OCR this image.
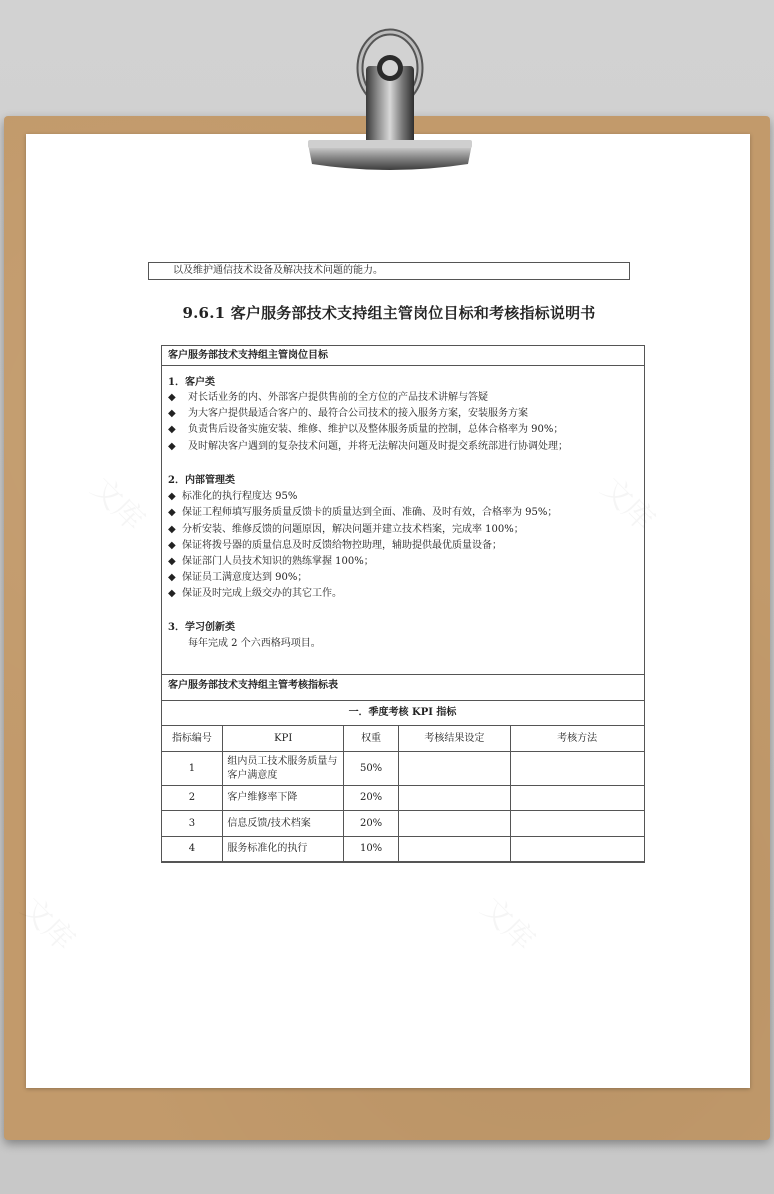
以及维护通信技术设备及解决技术问题的能力。
9.6.1 客户服务部技术支持组主管岗位目标和考核指标说明书
客户服务部技术支持组主管岗位目标
1．客户类
◆ 对长话业务的内、外部客户提供售前的全方位的产品技术讲解与答疑
◆ 为大客户提供最适合客户的、最符合公司技术的接入服务方案，安装服务方案
◆ 负责售后设备实施安装、维修、维护以及整体服务质量的控制，总体合格率为 90%；
◆ 及时解决客户遇到的复杂技术问题，并将无法解决问题及时提交系统部进行协调处理；
2．内部管理类
◆ 标准化的执行程度达 95%
◆ 保证工程师填写服务质量反馈卡的质量达到全面、准确、及时有效，合格率为 95%；
◆ 分析安装、维修反馈的问题原因，解决问题并建立技术档案，完成率 100%；
◆ 保证将拨号器的质量信息及时反馈给物控助理，辅助提供最优质量设备；
◆ 保证部门人员技术知识的熟练掌握 100%；
◆ 保证员工满意度达到 90%；
◆ 保证及时完成上级交办的其它工作。
3．学习创新类
每年完成 2 个六西格玛项目。
客户服务部技术支持组主管考核指标表
一．季度考核 KPI 指标
指标编号	KPI	权重	考核结果设定	考核方法
1	组内员工技术服务质量与客户满意度	50%		
2	客户维修率下降	20%		
3	信息反馈/技术档案	20%		
4	服务标准化的执行	10%		
